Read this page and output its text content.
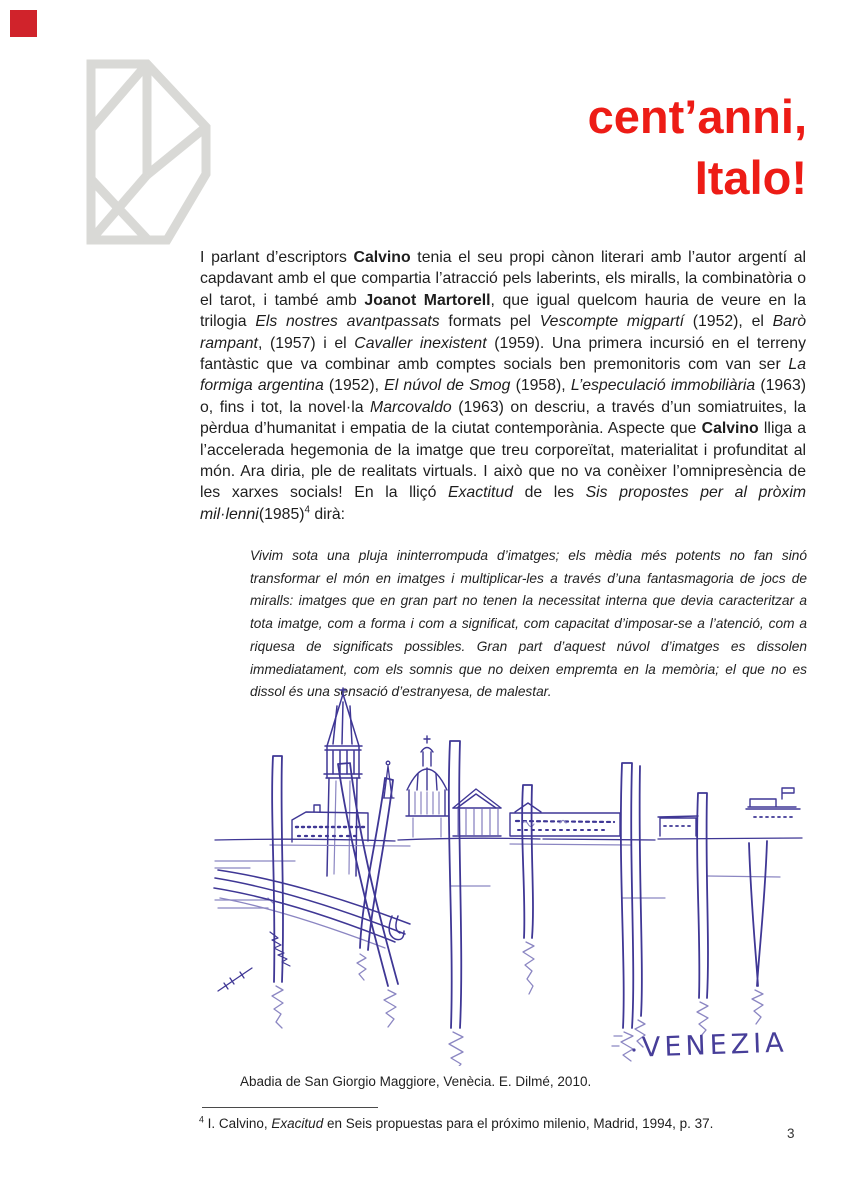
cent’anni,
Italo!
I parlant d’escriptors Calvino tenia el seu propi cànon literari amb l’autor argentí al capdavant amb el que compartia l’atracció pels laberints, els miralls, la combinatòria o el tarot, i també amb Joanot Martorell, que igual quelcom hauria de veure en la trilogia Els nostres avantpassats formats pel Vescompte migpartí (1952), el Barò rampant, (1957) i el Cavaller inexistent (1959). Una primera incursió en el terreny fantàstic que va combinar amb comptes socials ben premonitoris com van ser La formiga argentina (1952), El núvol de Smog (1958), L’especulació immobiliària (1963) o, fins i tot, la novel·la Marcovaldo (1963) on descriu, a través d’un somiatruites, la pèrdua d’humanitat i empatia de la ciutat contemporània. Aspecte que Calvino lliga a l’accelerada hegemonia de la imatge que treu corporeïtat, materialitat i profunditat al món. Ara diria, ple de realitats virtuals. I això que no va conèixer l’omnipresència de les xarxes socials! En la lliçó Exactitud de les Sis propostes per al pròxim $mil\cdot lenni(1985)^4$ dirà:
Vivim sota una pluja ininterrompuda d’imatges; els mèdia més potents no fan sinó transformar el món en imatges i multiplicar-les a través d’una fantasmagoria de jocs de miralls: imatges que en gran part no tenen la necessitat interna que devia caracteritzar a tota imatge, com a forma i com a significat, com capacitat d’imposar-se a l’atenció, com a riquesa de significats possibles. Gran part d’aquest núvol d’imatges es dissolen immediatament, com els somnis que no deixen empremta en la memòria; el que no es dissol és una sensació d’estranyesa, de malestar.
VENEZIA
Abadia de San Giorgio Maggiore, Venècia. E. Dilmé, 2010.
$^4$ I. Calvino, Exacitud en Seis propuestas para el próximo milenio, Madrid, 1994, p. 37.
3
